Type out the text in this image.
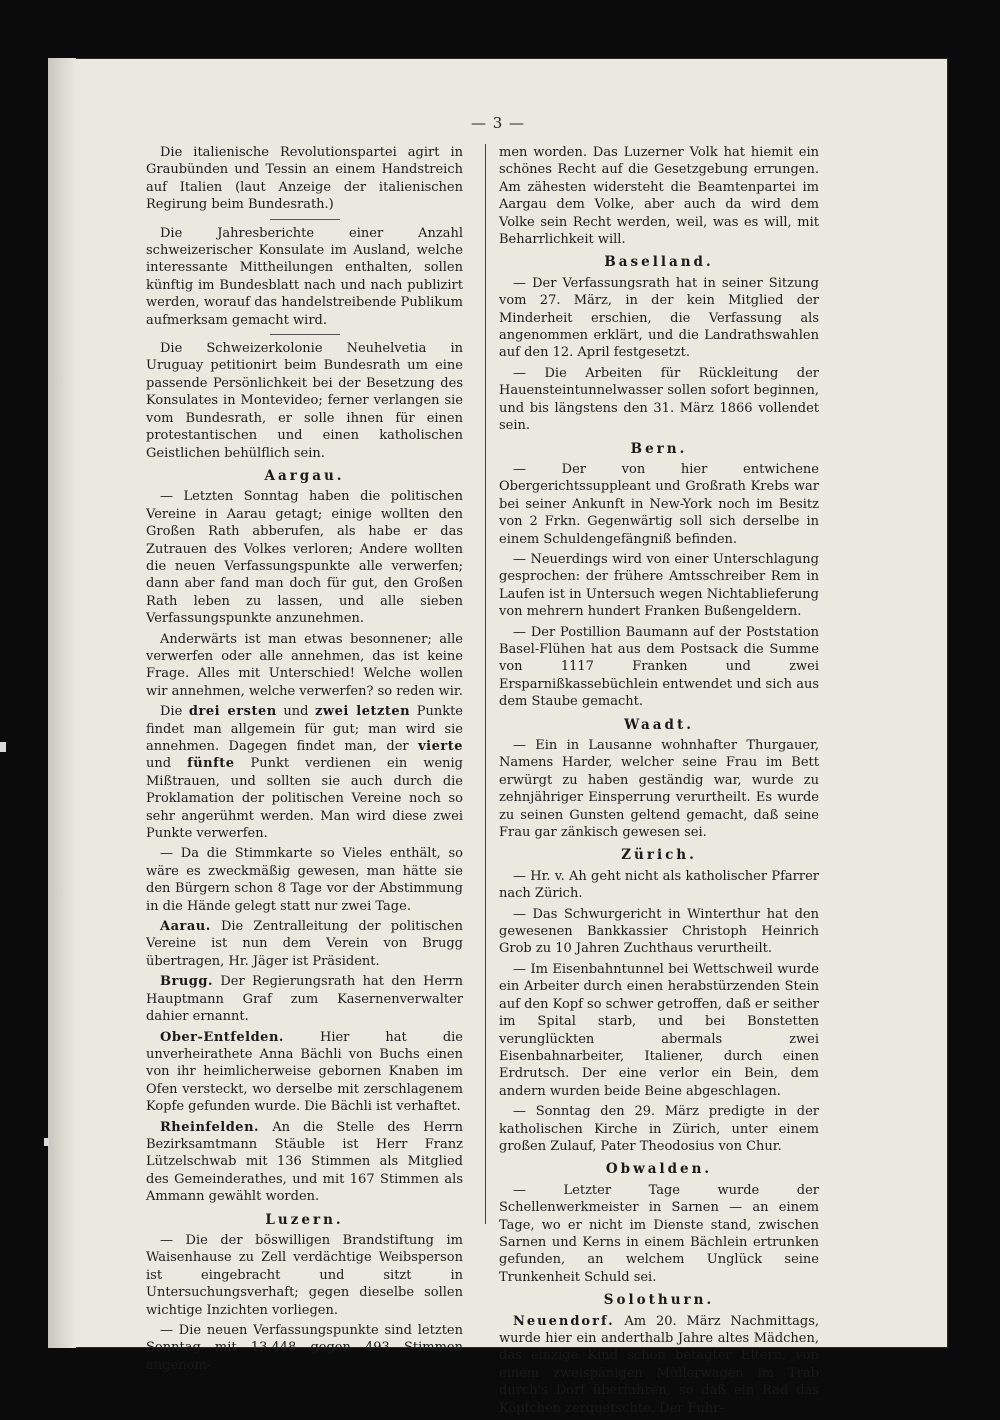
— 3 —

Die italienische Revolutionspartei agirt in Graubünden und Tessin an einem Handstreich auf Italien (laut Anzeige der italienischen Regirung beim Bundesrath.)

Die Jahresberichte einer Anzahl schweizerischer Konsulate im Ausland, welche interessante Mittheilungen enthalten, sollen künftig im Bundesblatt nach und nach publizirt werden, worauf das handelstreibende Publikum aufmerksam gemacht wird.

Die Schweizerkolonie Neuhelvetia in Uruguay petitionirt beim Bundesrath um eine passende Persönlichkeit bei der Besetzung des Konsulates in Montevideo; ferner verlangen sie vom Bundesrath, er solle ihnen für einen protestantischen und einen katholischen Geistlichen behülflich sein.

Aargau.

— Letzten Sonntag haben die politischen Vereine in Aarau getagt; einige wollten den Großen Rath abberufen, als habe er das Zutrauen des Volkes verloren; Andere wollten die neuen Verfassungspunkte alle verwerfen; dann aber fand man doch für gut, den Großen Rath leben zu lassen, und alle sieben Verfassungspunkte anzunehmen.

Anderwärts ist man etwas besonnener; alle verwerfen oder alle annehmen, das ist keine Frage. Alles mit Unterschied! Welche wollen wir annehmen, welche verwerfen? so reden wir.

Die drei ersten und zwei letzten Punkte findet man allgemein für gut; man wird sie annehmen. Dagegen findet man, der vierte und fünfte Punkt verdienen ein wenig Mißtrauen, und sollten sie auch durch die Proklamation der politischen Vereine noch so sehr angerühmt werden. Man wird diese zwei Punkte verwerfen.

— Da die Stimmkarte so Vieles enthält, so wäre es zweckmäßig gewesen, man hätte sie den Bürgern schon 8 Tage vor der Abstimmung in die Hände gelegt statt nur zwei Tage.

Aarau. Die Zentralleitung der politischen Vereine ist nun dem Verein von Brugg übertragen, Hr. Jäger ist Präsident.

Brugg. Der Regierungsrath hat den Herrn Hauptmann Graf zum Kasernenverwalter dahier ernannt.

Ober-Entfelden. Hier hat die unverheirathete Anna Bächli von Buchs einen von ihr heimlicherweise gebornen Knaben im Ofen versteckt, wo derselbe mit zerschlagenem Kopfe gefunden wurde. Die Bächli ist verhaftet.

Rheinfelden. An die Stelle des Herrn Bezirksamtmann Stäuble ist Herr Franz Lützelschwab mit 136 Stimmen als Mitglied des Gemeinderathes, und mit 167 Stimmen als Ammann gewählt worden.

Luzern.

— Die der böswilligen Brandstiftung im Waisenhause zu Zell verdächtige Weibsperson ist eingebracht und sitzt in Untersuchungsverhaft; gegen dieselbe sollen wichtige Inzichten vorliegen.

— Die neuen Verfassungspunkte sind letzten Sonntag mit 13,448 gegen 493 Stimmen angenom-

men worden. Das Luzerner Volk hat hiemit ein schönes Recht auf die Gesetzgebung errungen. Am zähesten widersteht die Beamtenpartei im Aargau dem Volke, aber auch da wird dem Volke sein Recht werden, weil, was es will, mit Beharrlichkeit will.

Baselland.

— Der Verfassungsrath hat in seiner Sitzung vom 27. März, in der kein Mitglied der Minderheit erschien, die Verfassung als angenommen erklärt, und die Landrathswahlen auf den 12. April festgesetzt.

— Die Arbeiten für Rückleitung der Hauensteintunnelwasser sollen sofort beginnen, und bis längstens den 31. März 1866 vollendet sein.

Bern.

— Der von hier entwichene Obergerichtssuppleant und Großrath Krebs war bei seiner Ankunft in New-York noch im Besitz von 2 Frkn. Gegenwärtig soll sich derselbe in einem Schuldengefängniß befinden.

— Neuerdings wird von einer Unterschlagung gesprochen: der frühere Amtsschreiber Rem in Laufen ist in Untersuch wegen Nichtablieferung von mehrern hundert Franken Bußengeldern.

— Der Postillion Baumann auf der Poststation Basel-Flühen hat aus dem Postsack die Summe von 1117 Franken und zwei Ersparnißkassebüchlein entwendet und sich aus dem Staube gemacht.

Waadt.

— Ein in Lausanne wohnhafter Thurgauer, Namens Harder, welcher seine Frau im Bett erwürgt zu haben geständig war, wurde zu zehnjähriger Einsperrung verurtheilt. Es wurde zu seinen Gunsten geltend gemacht, daß seine Frau gar zänkisch gewesen sei.

Zürich.

— Hr. v. Ah geht nicht als katholischer Pfarrer nach Zürich.

— Das Schwurgericht in Winterthur hat den gewesenen Bankkassier Christoph Heinrich Grob zu 10 Jahren Zuchthaus verurtheilt.

— Im Eisenbahntunnel bei Wettschweil wurde ein Arbeiter durch einen herabstürzenden Stein auf den Kopf so schwer getroffen, daß er seither im Spital starb, und bei Bonstetten verunglückten abermals zwei Eisenbahnarbeiter, Italiener, durch einen Erdrutsch. Der eine verlor ein Bein, dem andern wurden beide Beine abgeschlagen.

— Sonntag den 29. März predigte in der katholischen Kirche in Zürich, unter einem großen Zulauf, Pater Theodosius von Chur.

Obwalden.

— Letzter Tage wurde der Schellenwerkmeister in Sarnen — an einem Tage, wo er nicht im Dienste stand, zwischen Sarnen und Kerns in einem Bächlein ertrunken gefunden, an welchem Unglück seine Trunkenheit Schuld sei.

Solothurn.

Neuendorf. Am 20. März Nachmittags, wurde hier ein anderthalb Jahre altes Mädchen, das einzige Kind schon betagter Eltern, von einem zweispänigen Müllerwagen im Trab durch's Dorf überfahren, so daß ein Rad das Köpfchen zerquetschte. Der Fuhr-
